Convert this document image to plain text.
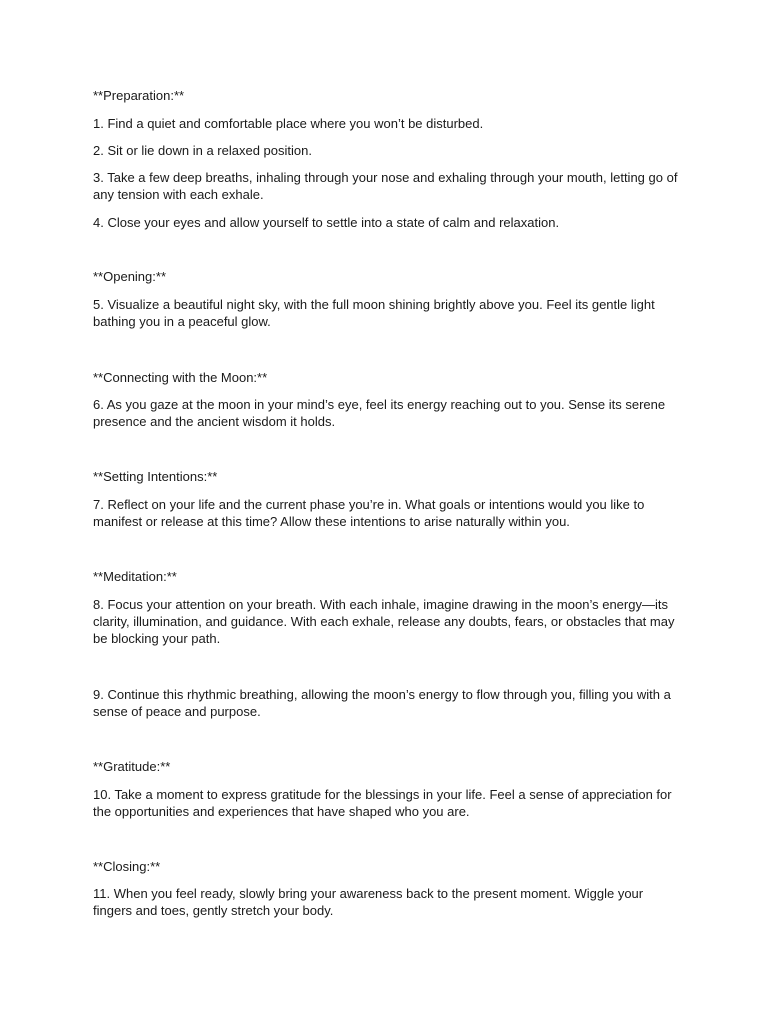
**Preparation:**

1. Find a quiet and comfortable place where you won’t be disturbed.

2. Sit or lie down in a relaxed position.

3. Take a few deep breaths, inhaling through your nose and exhaling through your mouth, letting go of any tension with each exhale.

4. Close your eyes and allow yourself to settle into a state of calm and relaxation.

**Opening:**

5. Visualize a beautiful night sky, with the full moon shining brightly above you. Feel its gentle light bathing you in a peaceful glow.

**Connecting with the Moon:**

6. As you gaze at the moon in your mind’s eye, feel its energy reaching out to you. Sense its serene presence and the ancient wisdom it holds.

**Setting Intentions:**

7. Reflect on your life and the current phase you’re in. What goals or intentions would you like to manifest or release at this time? Allow these intentions to arise naturally within you.

**Meditation:**

8. Focus your attention on your breath. With each inhale, imagine drawing in the moon’s energy—its clarity, illumination, and guidance. With each exhale, release any doubts, fears, or obstacles that may be blocking your path.

9. Continue this rhythmic breathing, allowing the moon’s energy to flow through you, filling you with a sense of peace and purpose.

**Gratitude:**

10. Take a moment to express gratitude for the blessings in your life. Feel a sense of appreciation for the opportunities and experiences that have shaped who you are.

**Closing:**

11. When you feel ready, slowly bring your awareness back to the present moment. Wiggle your fingers and toes, gently stretch your body.
